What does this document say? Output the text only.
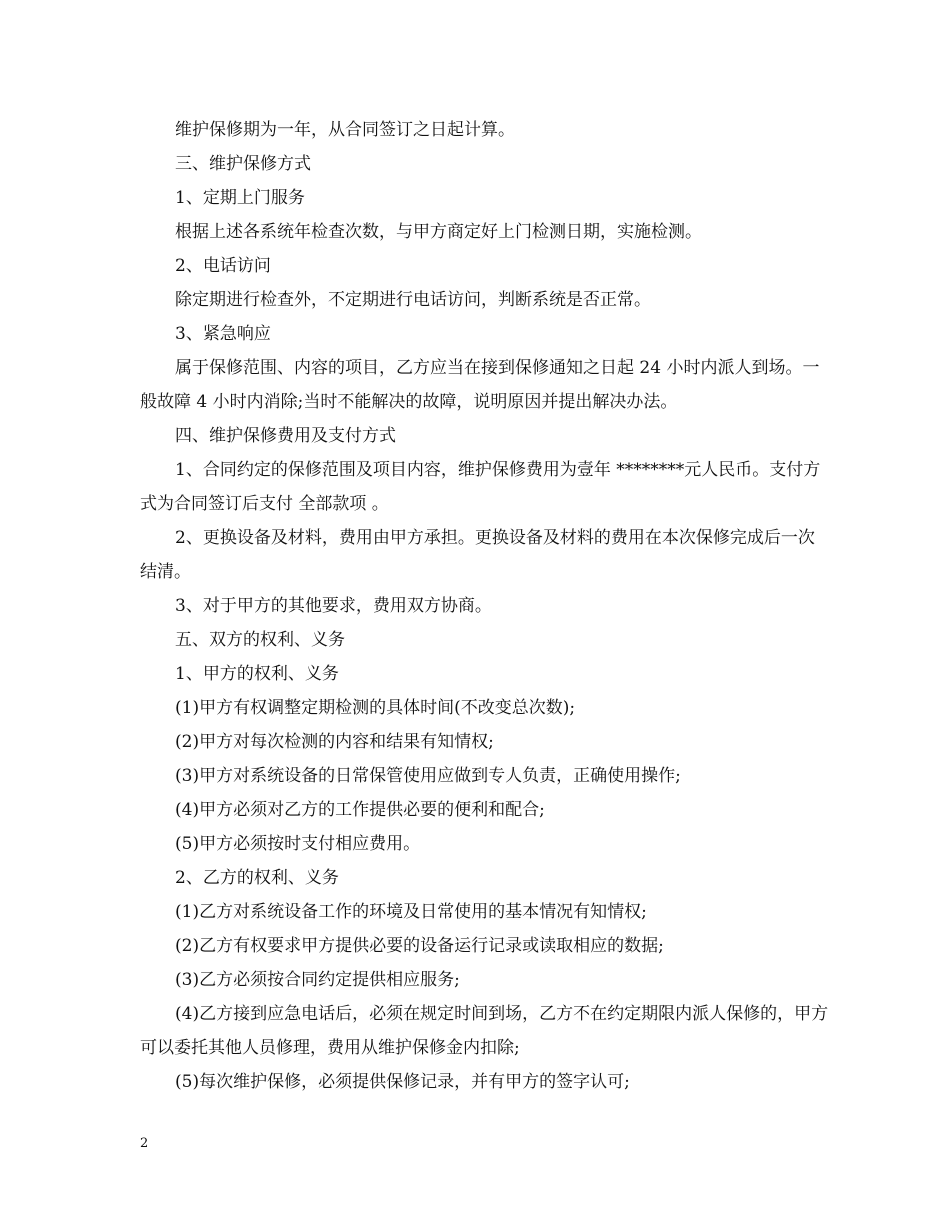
维护保修期为一年，从合同签订之日起计算。

三、维护保修方式

1、定期上门服务

根据上述各系统年检查次数，与甲方商定好上门检测日期，实施检测。

2、电话访问

除定期进行检查外，不定期进行电话访问，判断系统是否正常。

3、紧急响应

属于保修范围、内容的项目，乙方应当在接到保修通知之日起 24 小时内派人到场。一般故障 4 小时内消除;当时不能解决的故障，说明原因并提出解决办法。

四、维护保修费用及支付方式

1、合同约定的保修范围及项目内容，维护保修费用为壹年 ********元人民币。支付方式为合同签订后支付 全部款项 。

2、更换设备及材料，费用由甲方承担。更换设备及材料的费用在本次保修完成后一次结清。

3、对于甲方的其他要求，费用双方协商。

五、双方的权利、义务

1、甲方的权利、义务

(1)甲方有权调整定期检测的具体时间(不改变总次数);

(2)甲方对每次检测的内容和结果有知情权;

(3)甲方对系统设备的日常保管使用应做到专人负责，正确使用操作;

(4)甲方必须对乙方的工作提供必要的便利和配合;

(5)甲方必须按时支付相应费用。

2、乙方的权利、义务

(1)乙方对系统设备工作的环境及日常使用的基本情况有知情权;

(2)乙方有权要求甲方提供必要的设备运行记录或读取相应的数据;

(3)乙方必须按合同约定提供相应服务;

(4)乙方接到应急电话后，必须在规定时间到场，乙方不在约定期限内派人保修的，甲方可以委托其他人员修理，费用从维护保修金内扣除;

(5)每次维护保修，必须提供保修记录，并有甲方的签字认可;

2
